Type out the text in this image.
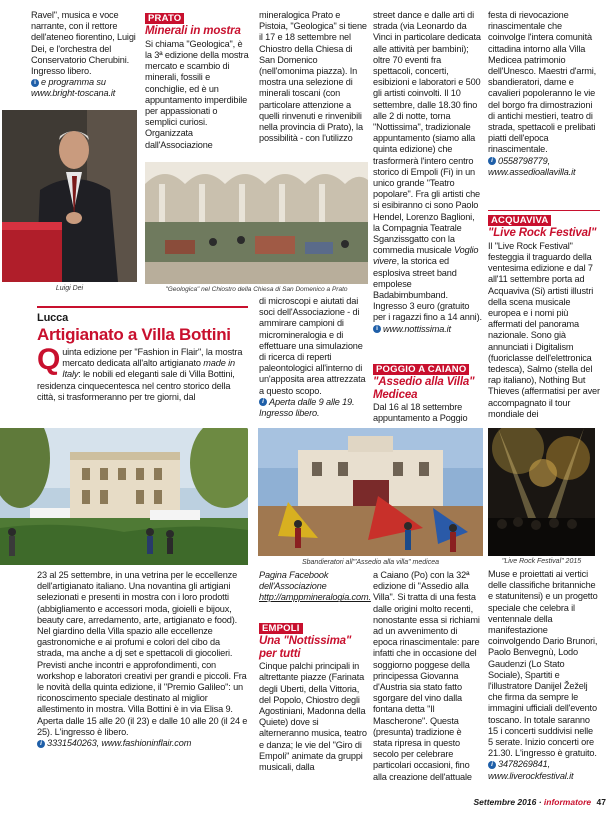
Ravel", musica e voce narrante, con il rettore dell'ateneo fiorentino, Luigi Dei, e l'orchestra del Conservatorio Cherubini. Ingresso libero.

i e programma su www.bright-toscana.it

Luigi Dei
PRATO
Minerali in mostra

Si chiama "Geologica", è la 3ª edizione della mostra mercato e scambio di minerali, fossili e conchiglie, ed è un appuntamento imperdibile per appassionati o semplici curiosi. Organizzata dall'Associazione

mineralogica Prato e Pistoia, "Geologica" si tiene il 17 e 18 settembre nel Chiostro della Chiesa di San Domenico (nell'omonima piazza). In mostra una selezione di minerali toscani (con particolare attenzione a quelli rinvenuti e rinvenibili nella provincia di Prato), la possibilità - con l'utilizzo

"Geologica" nel Chiostro della Chiesa di San Domenico a Prato

di microscopi e aiutati dai soci dell'Associazione - di ammirare campioni di micromineralogia e di effettuare una simulazione di ricerca di reperti paleontologici all'interno di un'apposita area attrezzata a questo scopo.

i Aperta dalle 9 alle 19. Ingresso libero.

street dance e dalle arti di strada (via Leonardo da Vinci in particolare dedicata alle attività per bambini); oltre 70 eventi fra spettacoli, concerti, esibizioni e laboratori e 500 gli artisti coinvolti. Il 10 settembre, dalle 18.30 fino alle 2 di notte, torna "Nottissima", tradizionale appuntamento (siamo alla quinta edizione) che trasformerà l'intero centro storico di Empoli (Fi) in un unico grande "Teatro popolare". Fra gli artisti che si esibiranno ci sono Paolo Hendel, Lorenzo Baglioni, la Compagnia Teatrale Sganzissgatto con la commedia musicale Voglio vivere, la storica ed esplosiva street band empolese Badabimbumband. Ingresso 3 euro (gratuito per i ragazzi fino a 14 anni).

i www.nottissima.it

POGGIO A CAIANO
"Assedio alla Villa" Medicea

Dal 16 al 18 settembre appuntamento a Poggio

festa di rievocazione rinascimentale che coinvolge l'intera comunità cittadina intorno alla Villa Medicea patrimonio dell'Unesco. Maestri d'armi, sbandieratori, dame e cavalieri popoleranno le vie del borgo fra dimostrazioni di antichi mestieri, teatro di strada, spettacoli e prelibati piatti dell'epoca rinascimentale.

i 0558798779,
www.assedioallavilla.it

ACQUAVIVA
"Live Rock Festival"

Il "Live Rock Festival" festeggia il traguardo della ventesima edizione e dal 7 all'11 settembre porta ad Acquaviva (Si) artisti illustri della scena musicale europea e i nomi più affermati del panorama nazionale. Sono già annunciati i Digitalism (fuoriclasse dell'elettronica tedesca), Salmo (stella del rap italiano), Nothing But Thieves (affermatisi per aver accompagnato il tour mondiale dei

"Live Rock Festival" 2015

Muse e proiettati ai vertici delle classifiche britanniche e statunitensi) e un progetto speciale che celebra il ventennale della manifestazione coinvolgendo Dario Brunori, Paolo Benvegnù, Lodo Gaudenzi (Lo Stato Sociale), Spartiti e l'illustratore Danijel Žeželj che firma da sempre le immagini ufficiali dell'evento toscano. In totale saranno 15 i concerti suddivisi nelle 5 serate. Inizio concerti ore 21.30. L'ingresso è gratuito.

i 3478269841,
www.liverockfestival.it

Lucca
Artigianato a Villa Bottini

Q uinta edizione per "Fashion in Flair", la mostra mercato dedicata all'alto artigianato made in Italy: le nobili ed eleganti sale di Villa Bottini, residenza cinquecentesca nel centro storico della città, si trasformeranno per tre giorni, dal

23 al 25 settembre, in una vetrina per le eccellenze dell'artigianato italiano. Una novantina gli artigiani selezionati e presenti in mostra con i loro prodotti (abbigliamento e accessori moda, gioielli e bijoux, beauty care, arredamento, arte, artigianato e food). Nel giardino della Villa spazio alle eccellenze gastronomiche e ai profumi e colori del cibo da strada, ma anche a dj set e spettacoli di giocolieri. Previsti anche incontri e approfondimenti, con workshop e laboratori creativi per grandi e piccoli. Fra le novità della quinta edizione, il "Premio Galileo": un riconoscimento speciale destinato al miglior allestimento in mostra. Villa Bottini è in via Elisa 9. Aperta dalle 15 alle 20 (il 23) e dalle 10 alle 20 (il 24 e 25). L'ingresso è libero.

i 3331540263, www.fashioninflair.com

Sbandieratori all'"Assedio alla villa" medicea

Pagina Facebook dell'Associazione

http://amppmineralogia.com.

EMPOLI
Una "Nottissima" per tutti

Cinque palchi principali in altrettante piazze (Farinata degli Uberti, della Vittoria, del Popolo, Chiostro degli Agostiniani, Madonna della Quiete) dove si alterneranno musica, teatro e danza; le vie del "Giro di Empoli" animate da gruppi musicali, dalla

a Caiano (Po) con la 32ª edizione di "Assedio alla Villa". Si tratta di una festa dalle origini molto recenti, nonostante essa si richiami ad un avvenimento di epoca rinascimentale: pare infatti che in occasione del soggiorno poggese della principessa Giovanna d'Austria sia stato fatto sgorgare del vino dalla fontana detta "Il Mascherone". Questa (presunta) tradizione è stata ripresa in questo secolo per celebrare particolari occasioni, fino alla creazione dell'attuale

Settembre 2016 · informatore 47
